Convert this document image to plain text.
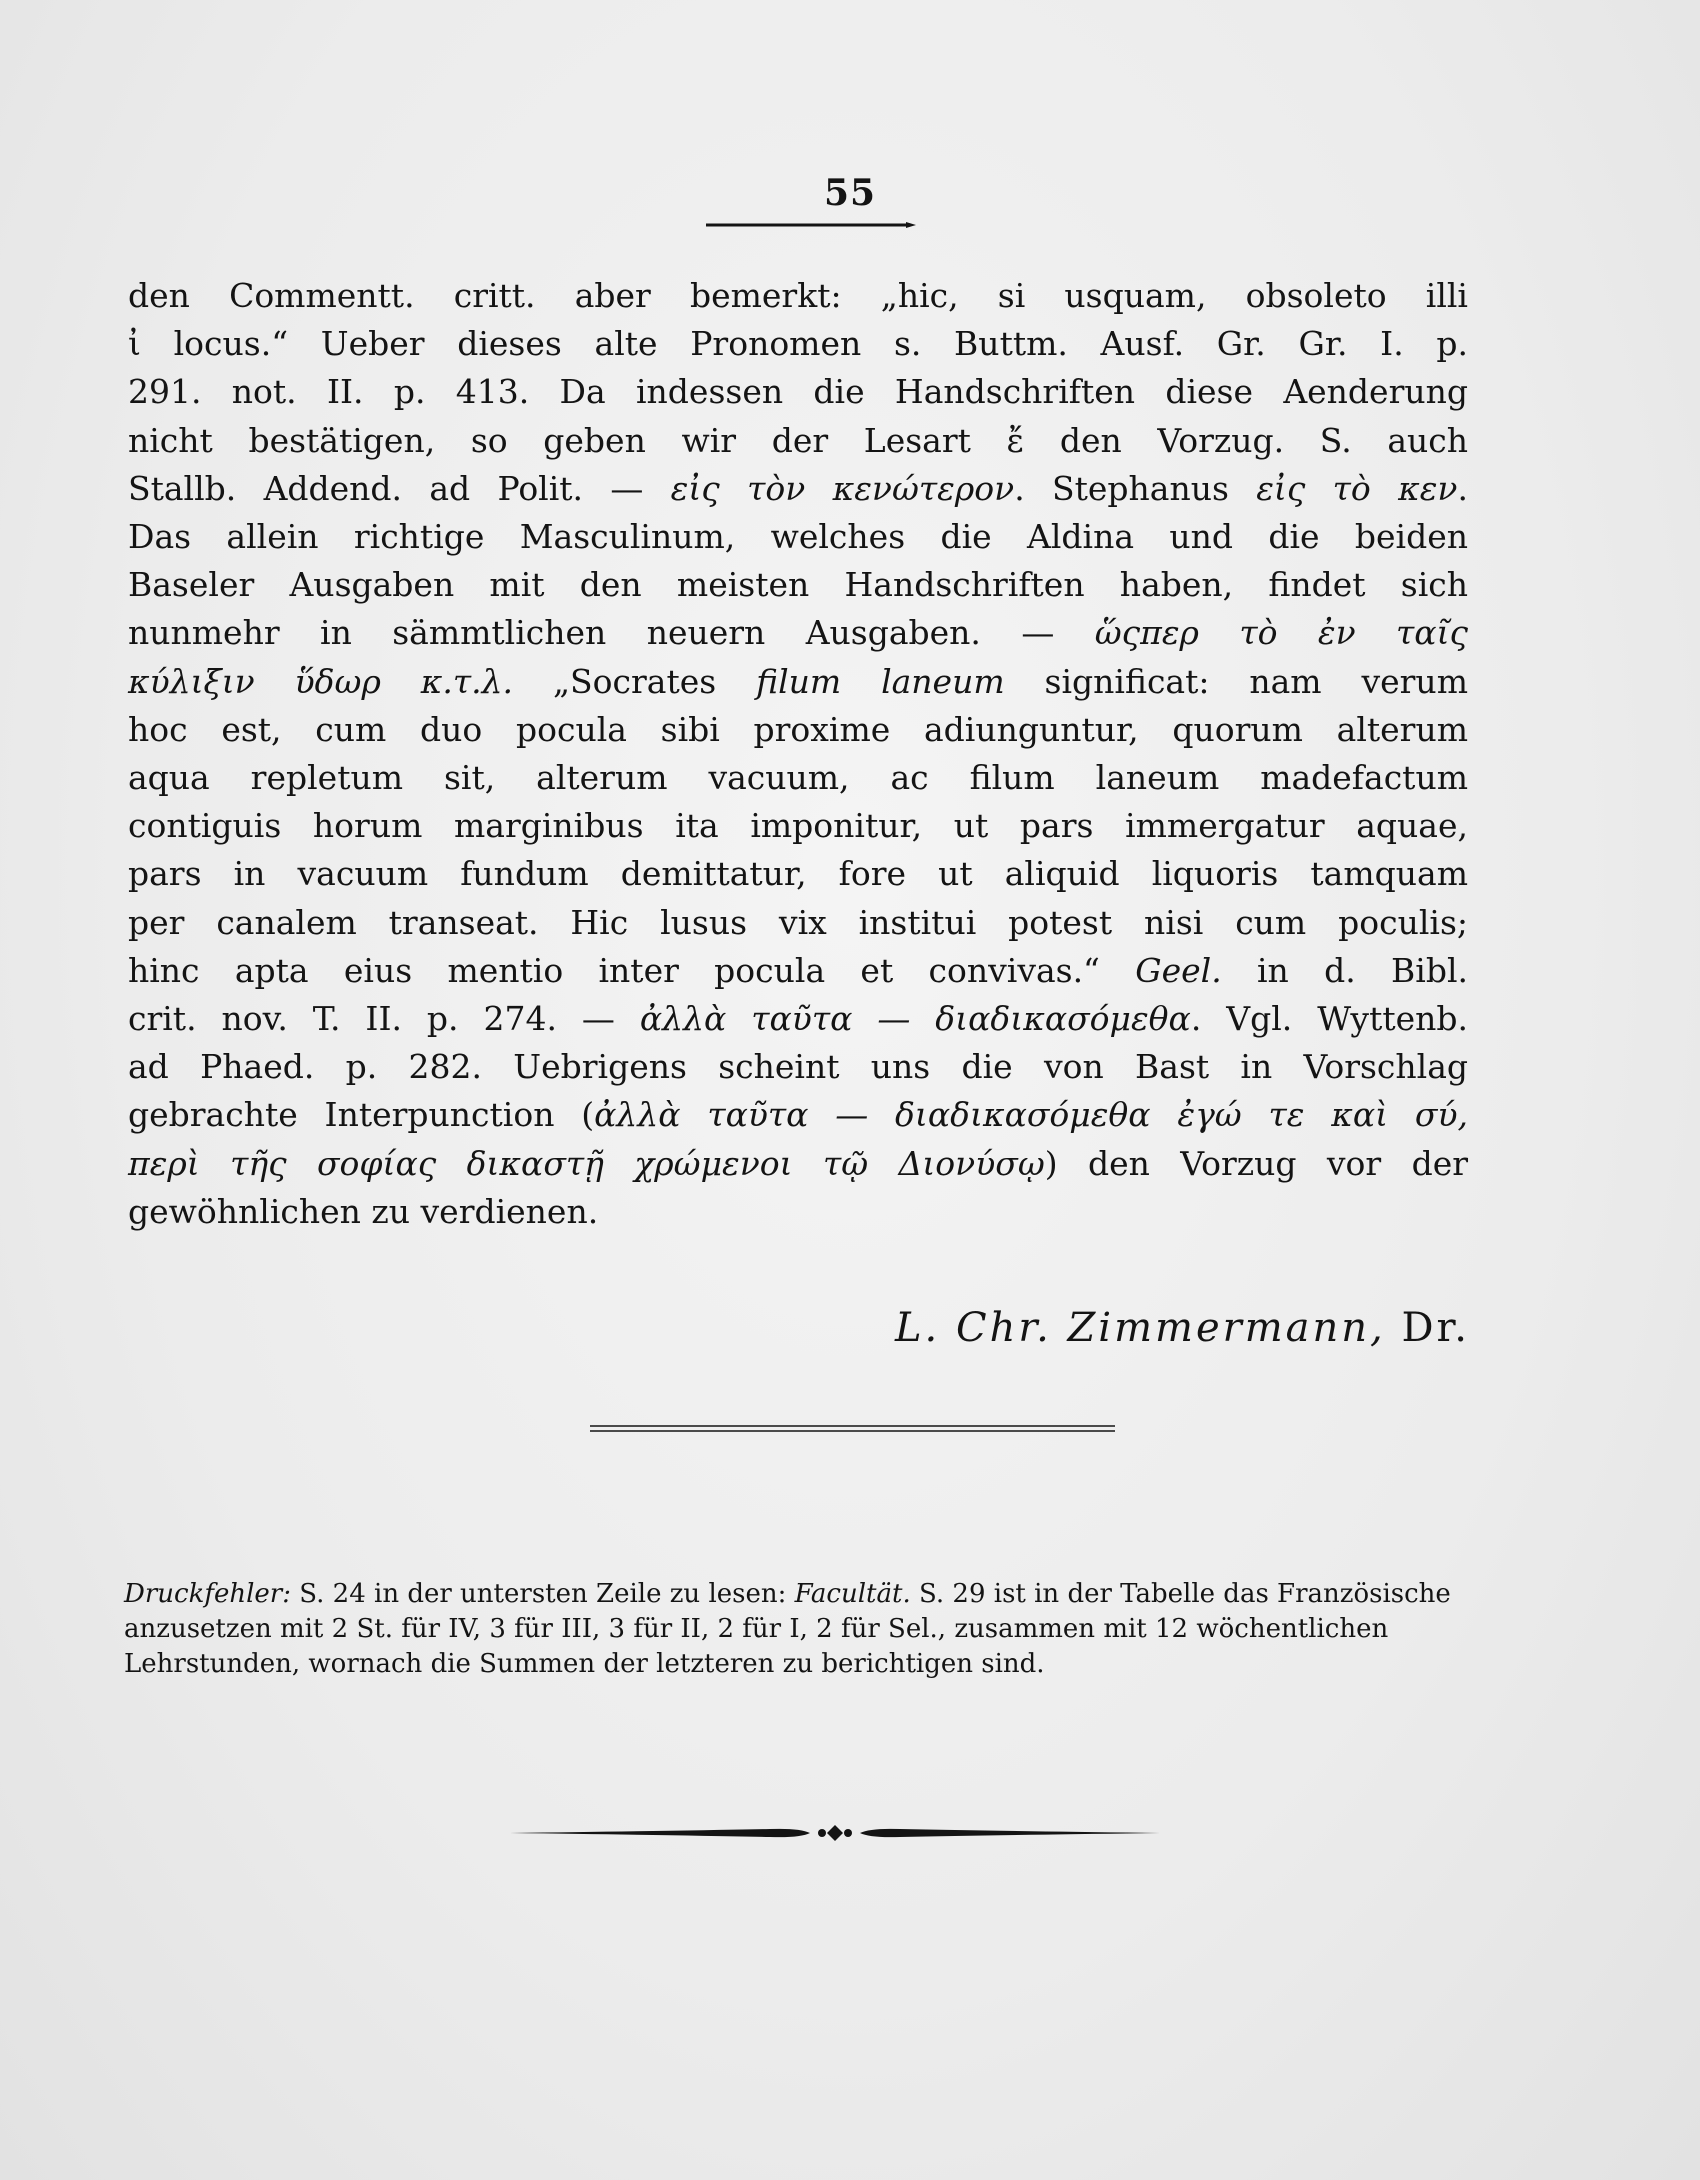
55
den Commentt. critt. aber bemerkt: „hic, si usquam, obsoleto illi
ἰ locus.“ Ueber dieses alte Pronomen s. Buttm. Ausf. Gr. Gr. I. p.
291. not. II. p. 413. Da indessen die Handschriften diese Aenderung
nicht bestätigen, so geben wir der Lesart ἔ den Vorzug. S. auch
Stallb. Addend. ad Polit. — εἰς τὸν κενώτερον. Stephanus εἰς τὸ κεν.
Das allein richtige Masculinum, welches die Aldina und die beiden
Baseler Ausgaben mit den meisten Handschriften haben, findet sich
nunmehr in sämmtlichen neuern Ausgaben. — ὥςπερ τὸ ἐν ταῖς
κύλιξιν ὕδωρ κ.τ.λ. „Socrates filum laneum significat: nam verum
hoc est, cum duo pocula sibi proxime adiunguntur, quorum alterum
aqua repletum sit, alterum vacuum, ac filum laneum madefactum
contiguis horum marginibus ita imponitur, ut pars immergatur aquae,
pars in vacuum fundum demittatur, fore ut aliquid liquoris tamquam
per canalem transeat. Hic lusus vix institui potest nisi cum poculis;
hinc apta eius mentio inter pocula et convivas.“ Geel. in d. Bibl.
crit. nov. T. II. p. 274. — ἀλλὰ ταῦτα — διαδικασόμεθα. Vgl. Wyttenb.
ad Phaed. p. 282. Uebrigens scheint uns die von Bast in Vorschlag
gebrachte Interpunction (ἀλλὰ ταῦτα — διαδικασόμεθα ἐγώ τε καὶ σύ,
περὶ τῆς σοφίας δικαστῇ χρώμενοι τῷ Διονύσῳ) den Vorzug vor der
gewöhnlichen zu verdienen.
L. Chr. Zimmermann, Dr.
Druckfehler: S. 24 in der untersten Zeile zu lesen: Facultät. S. 29 ist in der Tabelle das Französische anzusetzen mit 2 St. für IV, 3 für III, 3 für II, 2 für I, 2 für Sel., zusammen mit 12 wöchentlichen Lehrstunden, wornach die Summen der letzteren zu berichtigen sind.
